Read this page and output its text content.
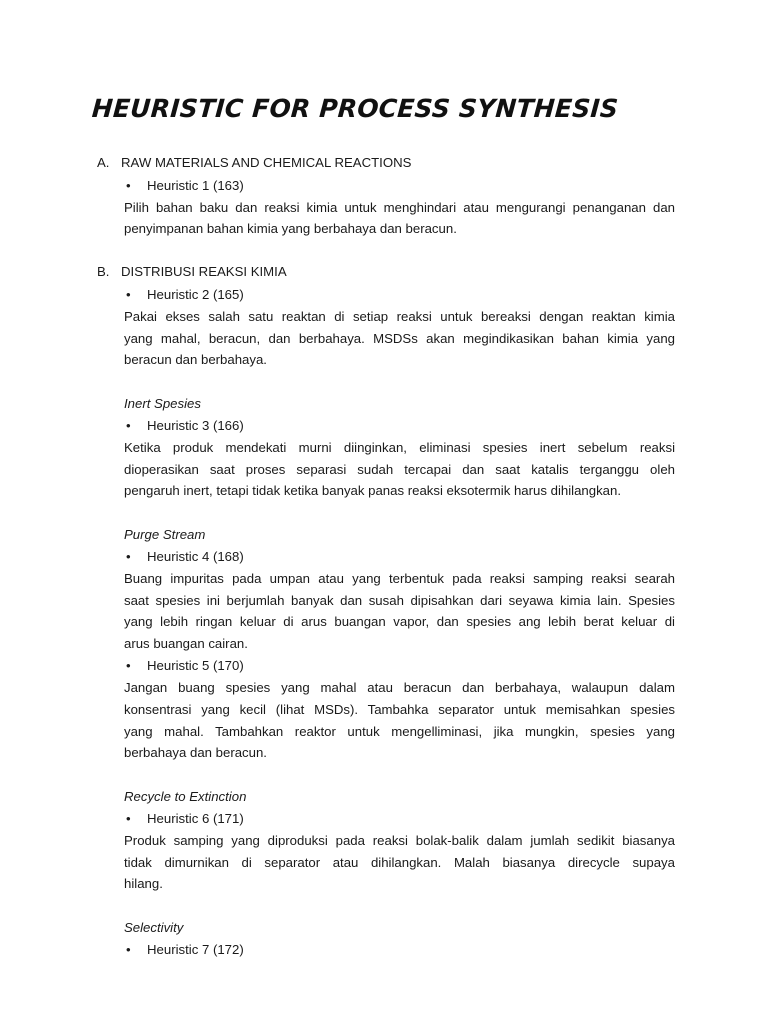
HEURISTIC FOR PROCESS SYNTHESIS
A. RAW MATERIALS AND CHEMICAL REACTIONS
• Heuristic 1 (163)
Pilih bahan baku dan reaksi kimia untuk menghindari atau mengurangi penanganan dan
penyimpanan bahan kimia yang berbahaya dan beracun.
B. DISTRIBUSI REAKSI KIMIA
• Heuristic 2 (165)
Pakai ekses salah satu reaktan di setiap reaksi untuk bereaksi dengan reaktan kimia
yang mahal, beracun, dan berbahaya. MSDSs akan megindikasikan bahan kimia yang
beracun dan berbahaya.
Inert Spesies
• Heuristic 3 (166)
Ketika produk mendekati murni diinginkan, eliminasi spesies inert sebelum reaksi
dioperasikan saat proses separasi sudah tercapai dan saat katalis terganggu oleh
pengaruh inert, tetapi tidak ketika banyak panas reaksi eksotermik harus dihilangkan.
Purge Stream
• Heuristic 4 (168)
Buang impuritas pada umpan atau yang terbentuk pada reaksi samping reaksi searah
saat spesies ini berjumlah banyak dan susah dipisahkan dari seyawa kimia lain. Spesies
yang lebih ringan keluar di arus buangan vapor, dan spesies ang lebih berat keluar di
arus buangan cairan.
• Heuristic 5 (170)
Jangan buang spesies yang mahal atau beracun dan berbahaya, walaupun dalam
konsentrasi yang kecil (lihat MSDs). Tambahka separator untuk memisahkan spesies
yang mahal. Tambahkan reaktor untuk mengelliminasi, jika mungkin, spesies yang
berbahaya dan beracun.
Recycle to Extinction
• Heuristic 6 (171)
Produk samping yang diproduksi pada reaksi bolak-balik dalam jumlah sedikit biasanya
tidak dimurnikan di separator atau dihilangkan. Malah biasanya direcycle supaya
hilang.
Selectivity
• Heuristic 7 (172)
